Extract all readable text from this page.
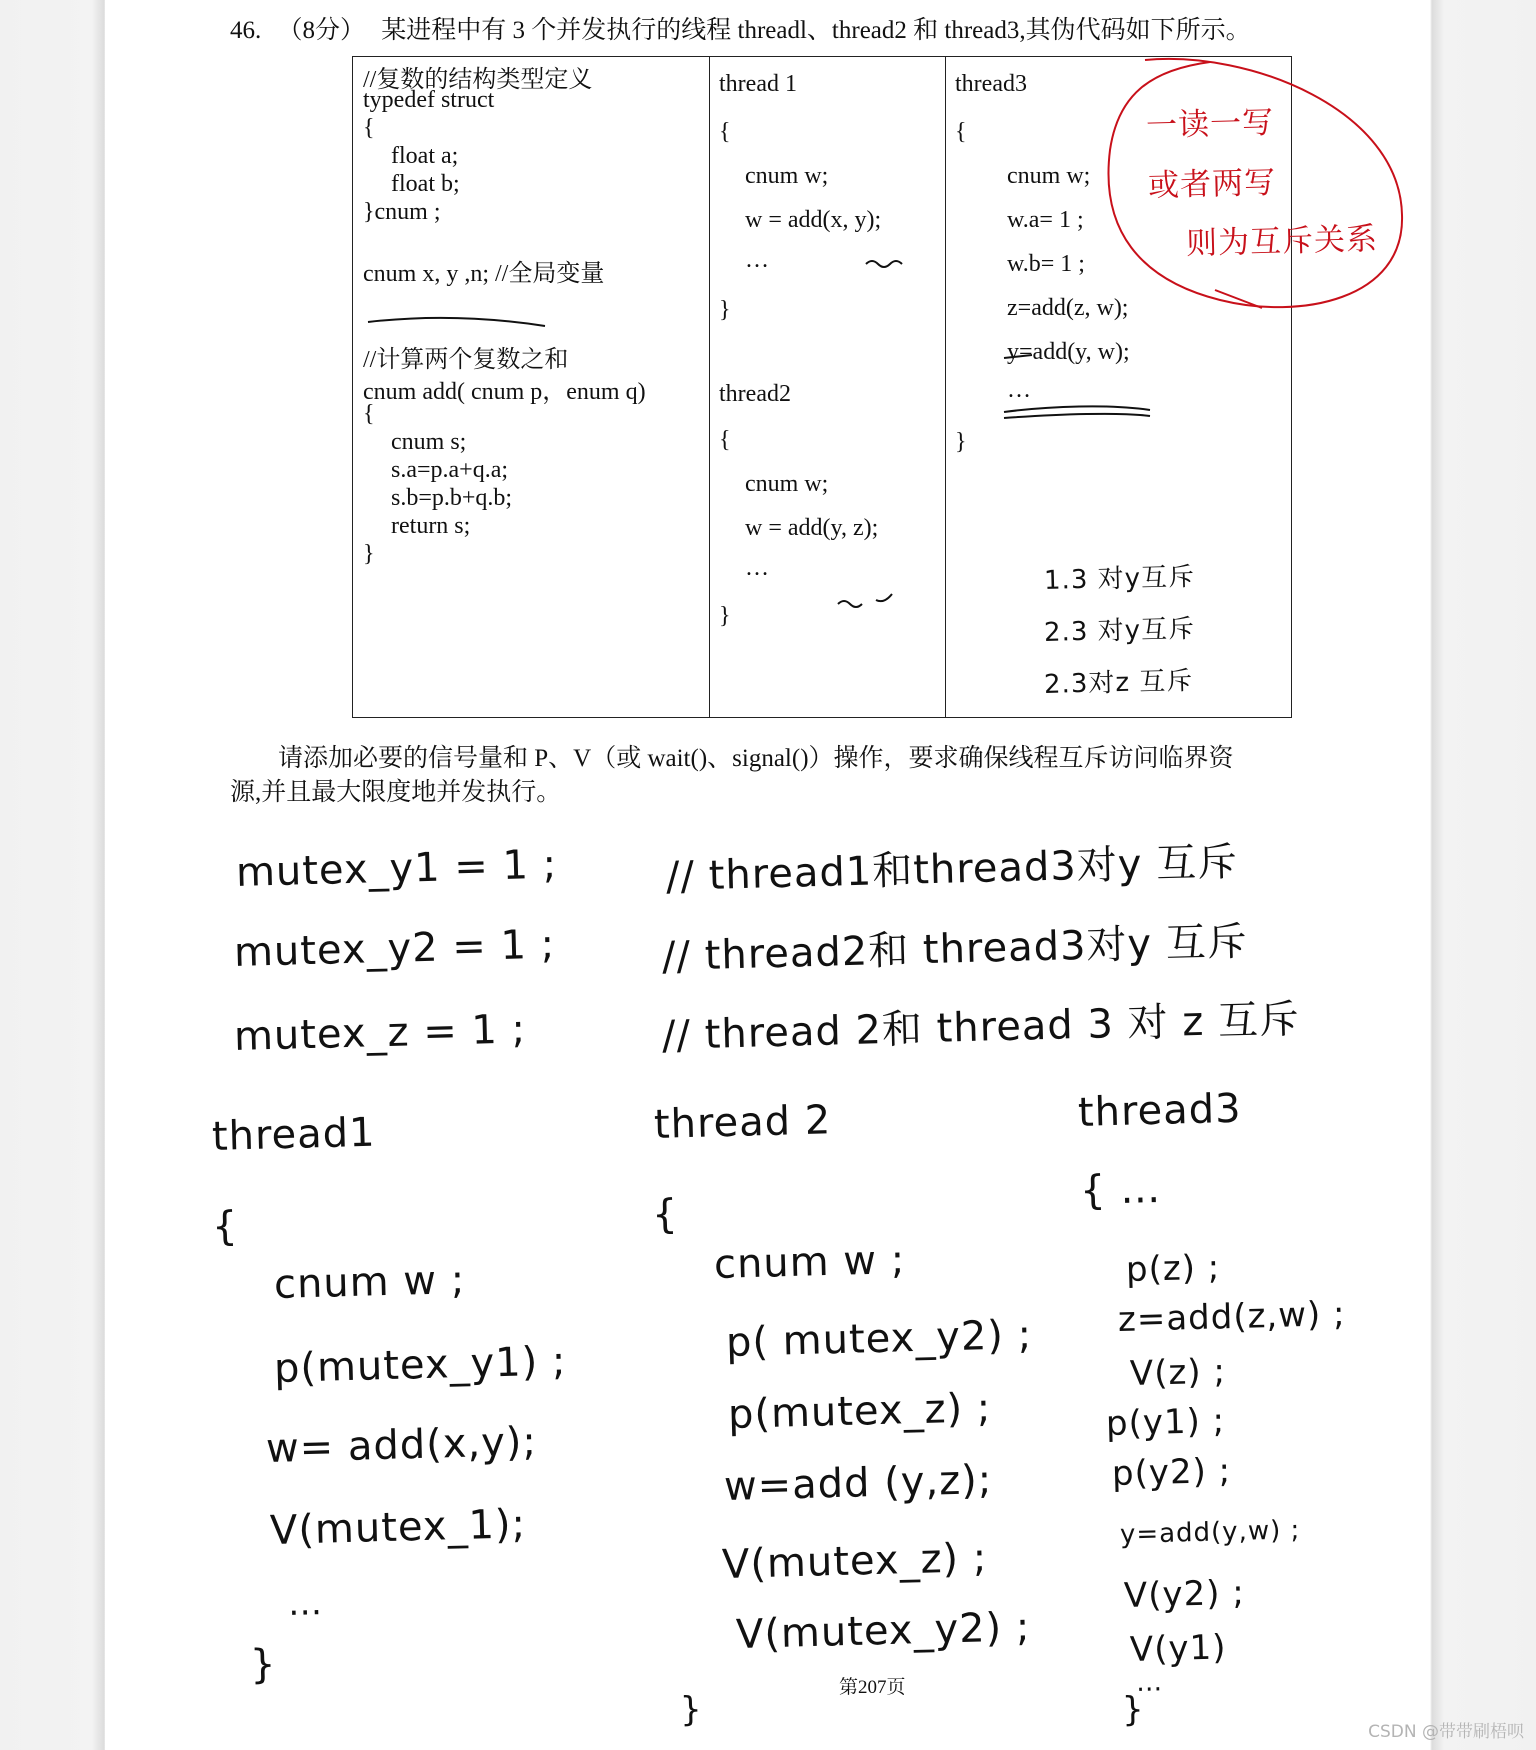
46. （8分） 某进程中有 3 个并发执行的线程 threadl、thread2 和 thread3,其伪代码如下所示。
//复数的结构类型定义
typedef struct
{
float a;
float b;
}cnum ;
cnum x, y ,n; //全局变量
//计算两个复数之和
cnum add( cnum p，enum q)
{
cnum s;
s.a=p.a+q.a;
s.b=p.b+q.b;
return s;
}
thread 1
{
cnum w;
w = add(x, y);
…
}
thread2
{
cnum w;
w = add(y, z);
…
}
thread3
{
cnum w;
w.a= 1 ;
w.b= 1 ;
z=add(z, w);
y=add(y, w);
…
}
一读一写
或者两写
则为互斥关系
1.3 对y互斥
2.3 对y互斥
2.3对z 互斥
请添加必要的信号量和 P、V（或 wait()、signal()）操作，要求确保线程互斥访问临界资
源,并且最大限度地并发执行。
mutex_y1 = 1 ;	// thread1和thread3对y 互斥
mutex_y2 = 1 ;	// thread2和 thread3对y 互斥
mutex_z = 1 ;	// thread 2和 thread 3 对 z 互斥
thread1
{
cnum w ;
p(mutex_y1) ;
w= add(x,y);
V(mutex_1);
…
}
thread 2
{
cnum w ;
p( mutex_y2) ;
p(mutex_z) ;
w=add (y,z);
V(mutex_z) ;
V(mutex_y2) ;
}
thread3
{ …
p(z) ;
z=add(z,w) ;
V(z) ;
p(y1) ;
p(y2) ;
y=add(y,w) ;
V(y2) ;
V(y1)
…
}
第207页
CSDN @带带刷梧呗
